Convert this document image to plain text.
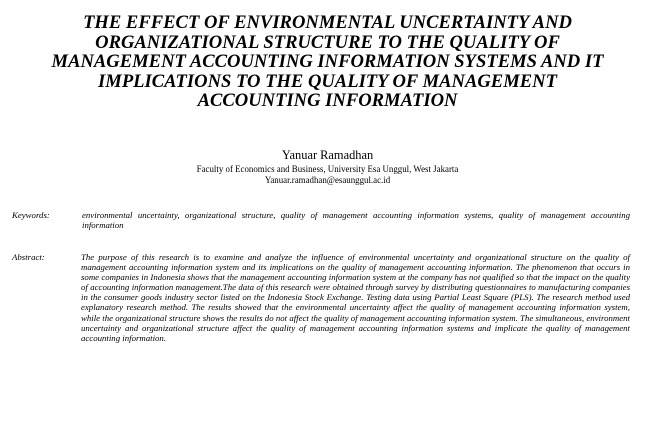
THE EFFECT OF ENVIRONMENTAL UNCERTAINTY AND
ORGANIZATIONAL STRUCTURE TO THE QUALITY OF
MANAGEMENT ACCOUNTING INFORMATION SYSTEMS AND IT
IMPLICATIONS TO THE QUALITY OF MANAGEMENT
ACCOUNTING INFORMATION

Yanuar Ramadhan

Faculty of Economics and Business, University Esa Unggul, West Jakarta

Yanuar.ramadhan@esaunggul.ac.id

Keywords:	environmental uncertainty, organizational structure, quality of management accounting information systems, quality of management accounting information

Abstract:	The purpose of this research is to examine and analyze the influence of environmental uncertainty and organizational structure on the quality of management accounting information system and its implications on the quality of management accounting information. The phenomenon that occurs in some companies in Indonesia shows that the management accounting information system at the company has not qualified so that the impact on the quality of accounting information management.The data of this research were obtained through survey by distributing questionnaires to manufacturing companies in the consumer goods industry sector listed on the Indonesia Stock Exchange. Testing data using Partial Least Square (PLS). The research method used explanatory research method. The results showed that the environmental uncertainty affect the quality of management accounting information system, while the organizational structure shows the results do not affect the quality of management accounting information system. The simultaneous, environment uncertainty and organizational structure affect the quality of management accounting information systems and implicate the quality of management accounting information.
